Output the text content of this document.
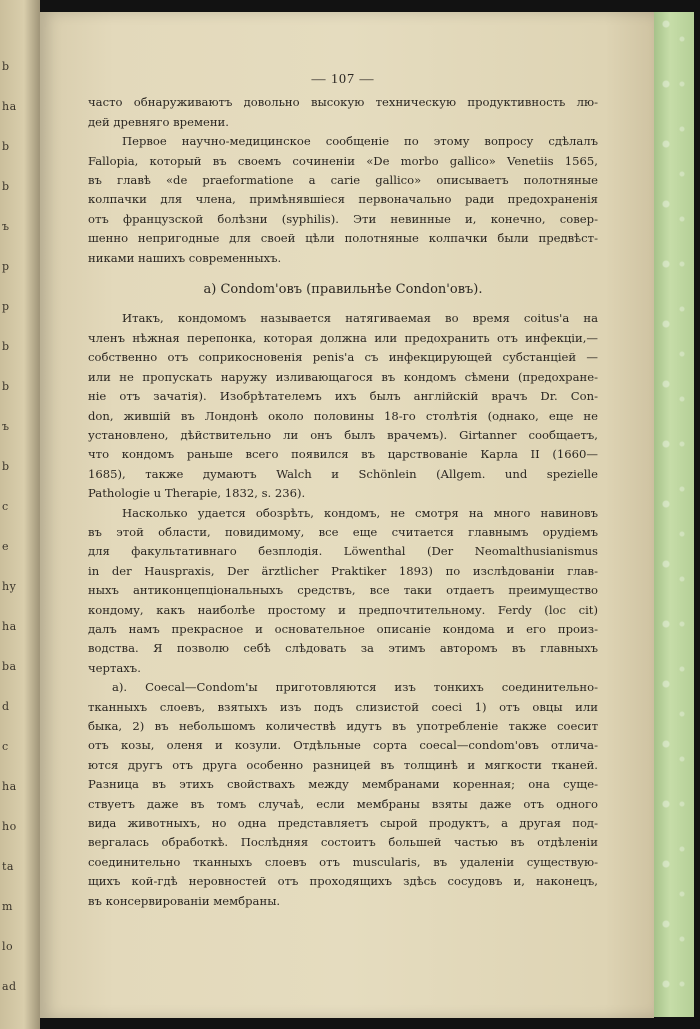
b
ha
b
b
ъ
p
p
b
b
ъ
b
c
e
hy
ha
ba
d
c
ha
ho
ta
m
lo
ad
— 107 —
часто обнаруживаютъ довольно высокую техническую продуктивность лю-
дей древняго времени.
Первое научно-медицинское сообщеніе по этому вопросу сдѣлалъ
Fallopia, который въ своемъ сочиненіи «De morbo gallico» Venetiis 1565,
въ главѣ «de praeformatione a carie gallico» описываетъ полотняные
колпачки для члена, примѣнявшіеся первоначально ради предохраненія
отъ французской болѣзни (syphilis). Эти невинные и, конечно, совер-
шенно непригодные для своей цѣли полотняные колпачки были предвѣст-
никами нашихъ современныхъ.
а) Condom'овъ (правильнѣе Condon'овъ).
Итакъ, кондомомъ называется натягиваемая во время coitus'а на
членъ нѣжная перепонка, которая должна или предохранить отъ инфекціи,—
собственно отъ соприкосновенія penis'а съ инфекцирующей субстанціей —
или не пропускать наружу изливающагося въ кондомъ сѣмени (предохране-
ніе отъ зачатія). Изобрѣтателемъ ихъ былъ англійскій врачъ Dr. Con-
don, жившій въ Лондонѣ около половины 18-го столѣтія (однако, еще не
установлено, дѣйствительно ли онъ былъ врачемъ). Girtanner сообщаетъ,
что кондомъ раньше всего появился въ царствованіе Карла II (1660—
1685), также думаютъ Walch и Schönlein (Allgem. und spezielle
Pathologie u Therapie, 1832, s. 236).
Насколько удается обозрѣть, кондомъ, не смотря на много навиновъ
въ этой области, повидимому, все еще считается главнымъ орудіемъ
для факультативнаго безплодія. Löwenthal (Der Neomalthusianismus
in der Hauspraxis, Der ärztlicher Praktiker 1893) по изслѣдованіи глав-
ныхъ антиконцепціональныхъ средствъ, все таки отдаетъ преимущество
кондому, какъ наиболѣе простому и предпочтительному. Ferdy (loc cit)
далъ намъ прекрасное и основательное описаніе кондома и его произ-
водства. Я позволю себѣ слѣдовать за этимъ авторомъ въ главныхъ
чертахъ.
а). Coecal—Condom'ы приготовляются изъ тонкихъ соединительно-
тканныхъ слоевъ, взятыхъ изъ подъ слизистой coeci 1) отъ овцы или
быка, 2) въ небольшомъ количествѣ идутъ въ употребленіе также соесит
отъ козы, оленя и козули. Отдѣльные сорта coecal—condom'овъ отлича-
ются другъ отъ друга особенно разницей въ толщинѣ и мягкости тканей.
Разница въ этихъ свойствахъ между мембранами коренная; она суще-
ствуетъ даже въ томъ случаѣ, если мембраны взяты даже отъ одного
вида животныхъ, но одна представляетъ сырой продуктъ, а другая под-
вергалась обработкѣ. Послѣдняя состоитъ большей частью въ отдѣленіи
соединительно тканныхъ слоевъ отъ muscularis, въ удаленіи существую-
щихъ кой-гдѣ неровностей отъ проходящихъ здѣсь сосудовъ и, наконецъ,
въ консервированіи мембраны.
